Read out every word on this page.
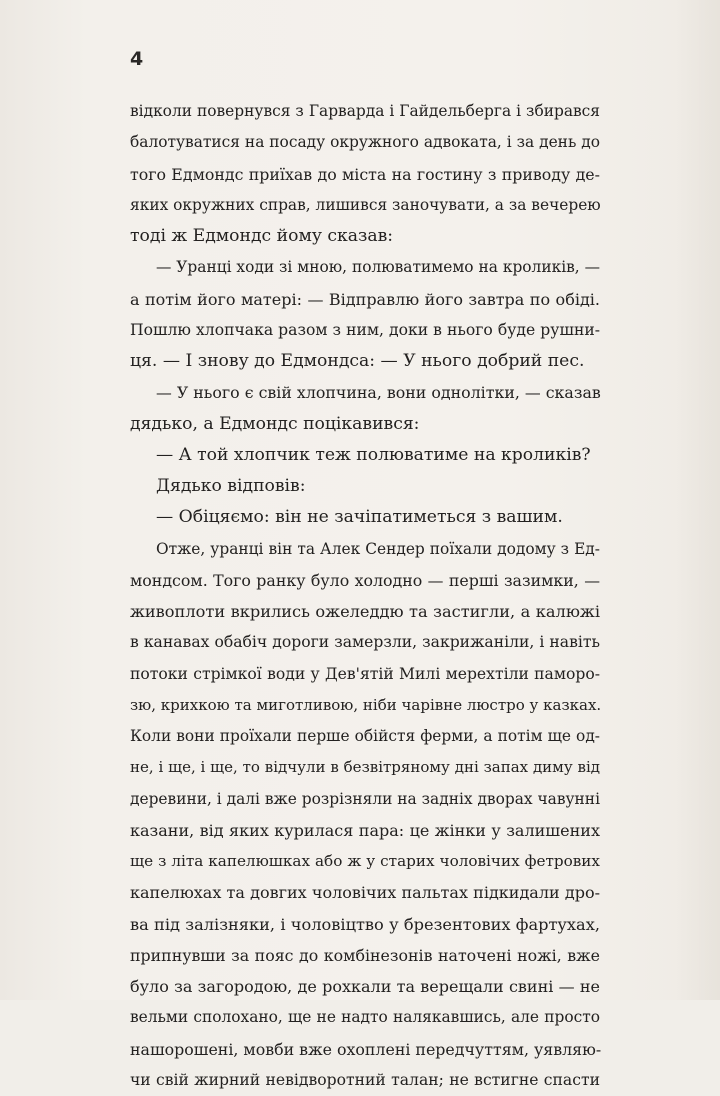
4
відколи повернувся з Гарварда і Гайдельберга і збирався
балотуватися на посаду окружного адвоката, і за день до
того Едмондс приїхав до міста на гостину з приводу де-
яких окружних справ, лишився заночувати, а за вечерею
тоді ж Едмондс йому сказав:
— Уранці ходи зі мною, полюватимемо на кроликів, —
а потім його матері: — Відправлю його завтра по обіді.
Пошлю хлопчака разом з ним, доки в нього буде рушни-
ця. — І знову до Едмондса: — У нього добрий пес.
— У нього є свій хлопчина, вони однолітки, — сказав
дядько, а Едмондс поцікавився:
— А той хлопчик теж полюватиме на кроликів?
Дядько відповів:
— Обіцяємо: він не зачіпатиметься з вашим.
Отже, уранці він та Алек Сендер поїхали додому з Ед-
мондсом. Того ранку було холодно — перші зазимки, —
живоплоти вкрились ожеледдю та застигли, а калюжі
в канавах обабіч дороги замерзли, закрижаніли, і навіть
потоки стрімкої води у Дев'ятій Милі мерехтіли паморо-
зю, крихкою та миготливою, ніби чарівне люстро у казках.
Коли вони проїхали перше обійстя ферми, а потім ще од-
не, і ще, і ще, то відчули в безвітряному дні запах диму від
деревини, і далі вже розрізняли на задніх дворах чавунні
казани, від яких курилася пара: це жінки у залишених
ще з літа капелюшках або ж у старих чоловічих фетрових
капелюхах та довгих чоловічих пальтах підкидали дро-
ва під залізняки, і чоловіцтво у брезентових фартухах,
припнувши за пояс до комбінезонів наточені ножі, вже
було за загородою, де рохкали та верещали свині — не
вельми сполохано, ще не надто налякавшись, але просто
нашорошені, мовби вже охоплені передчуттям, уявляю-
чи свій жирний невідворотний талан; не встигне спасти
